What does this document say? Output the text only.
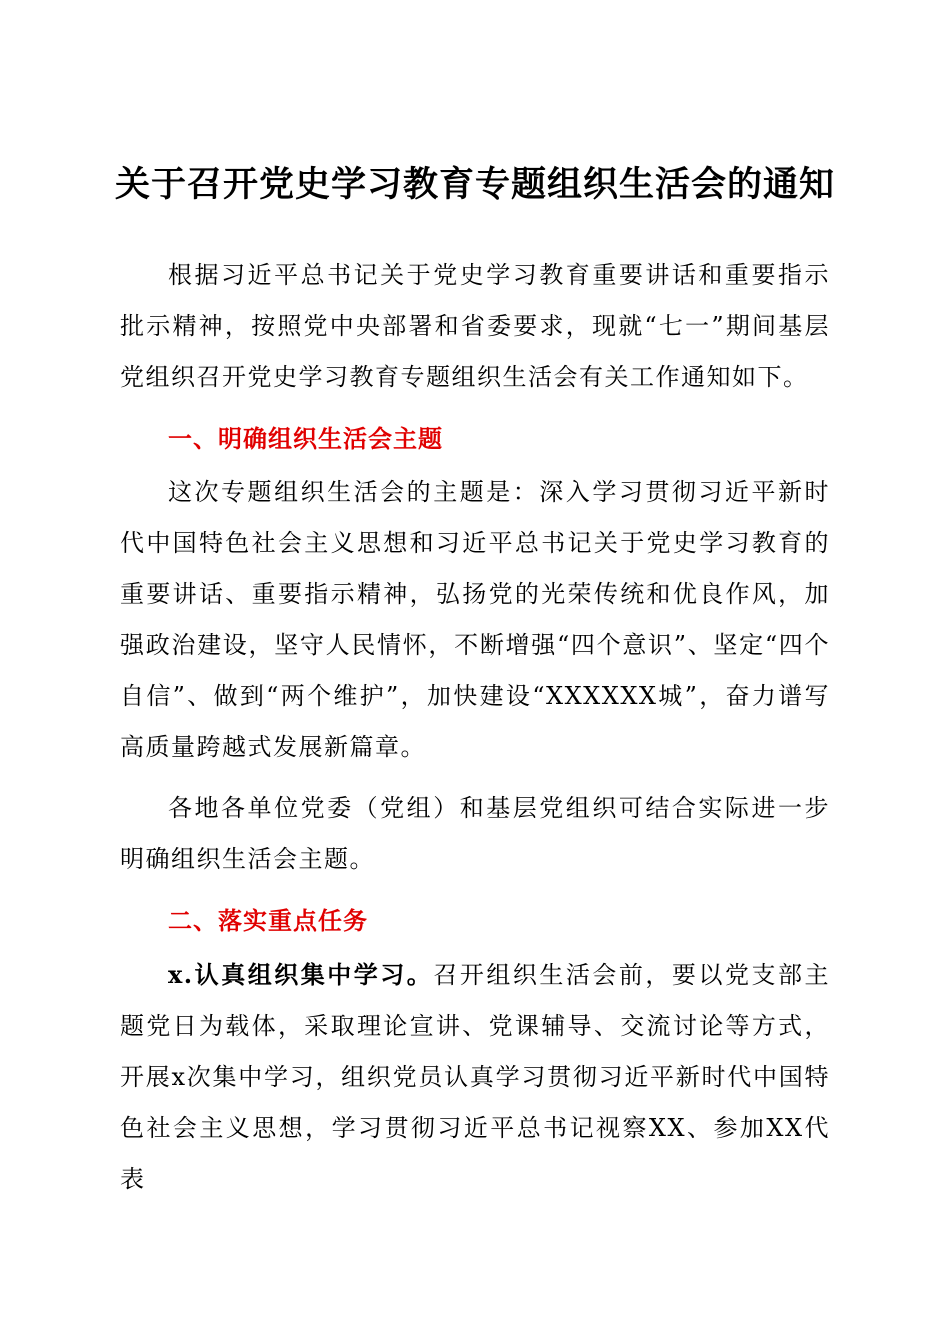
关于召开党史学习教育专题组织生活会的通知

根据习近平总书记关于党史学习教育重要讲话和重要指示批示精神，按照党中央部署和省委要求，现就“七一”期间基层党组织召开党史学习教育专题组织生活会有关工作通知如下。

一、明确组织生活会主题

这次专题组织生活会的主题是：深入学习贯彻习近平新时代中国特色社会主义思想和习近平总书记关于党史学习教育的重要讲话、重要指示精神，弘扬党的光荣传统和优良作风，加强政治建设，坚守人民情怀，不断增强“四个意识”、坚定“四个自信”、做到“两个维护”，加快建设“XXXXXX城”，奋力谱写高质量跨越式发展新篇章。

各地各单位党委（党组）和基层党组织可结合实际进一步明确组织生活会主题。

二、落实重点任务

x.认真组织集中学习。召开组织生活会前，要以党支部主题党日为载体，采取理论宣讲、党课辅导、交流讨论等方式，开展x次集中学习，组织党员认真学习贯彻习近平新时代中国特色社会主义思想，学习贯彻习近平总书记视察XX、参加XX代表
